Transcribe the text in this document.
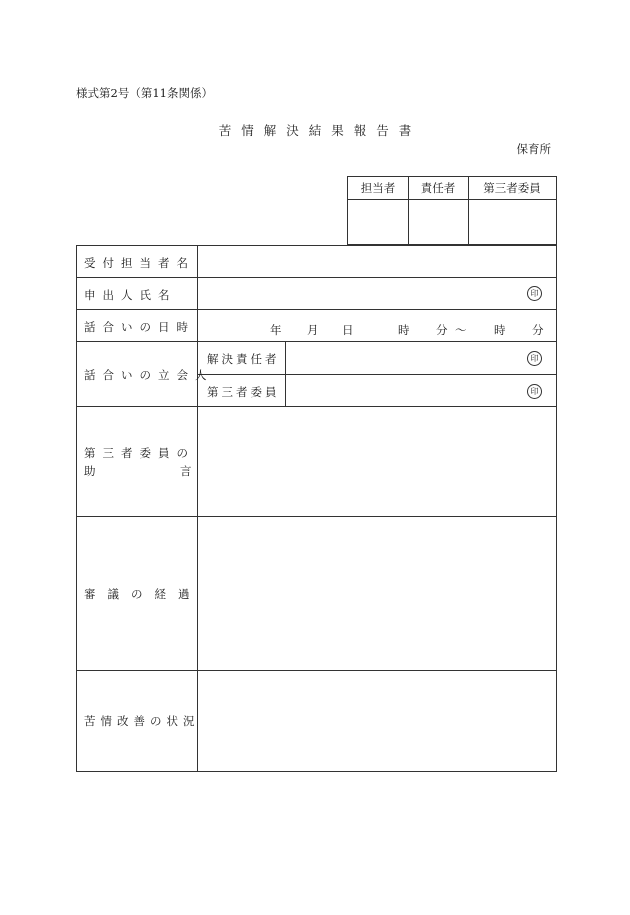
様式第2号（第11条関係）
苦情解決結果報告書
保育所
担当者	責任者	第三者委員
受付担当者名
申出人氏名	印
話合いの日時	年 月 日	時 分 〜 時 分
話合いの立会人
解決責任者	印
第三者委員	印
第三者委員の
助	言
審議の経過
苦情改善の状況
